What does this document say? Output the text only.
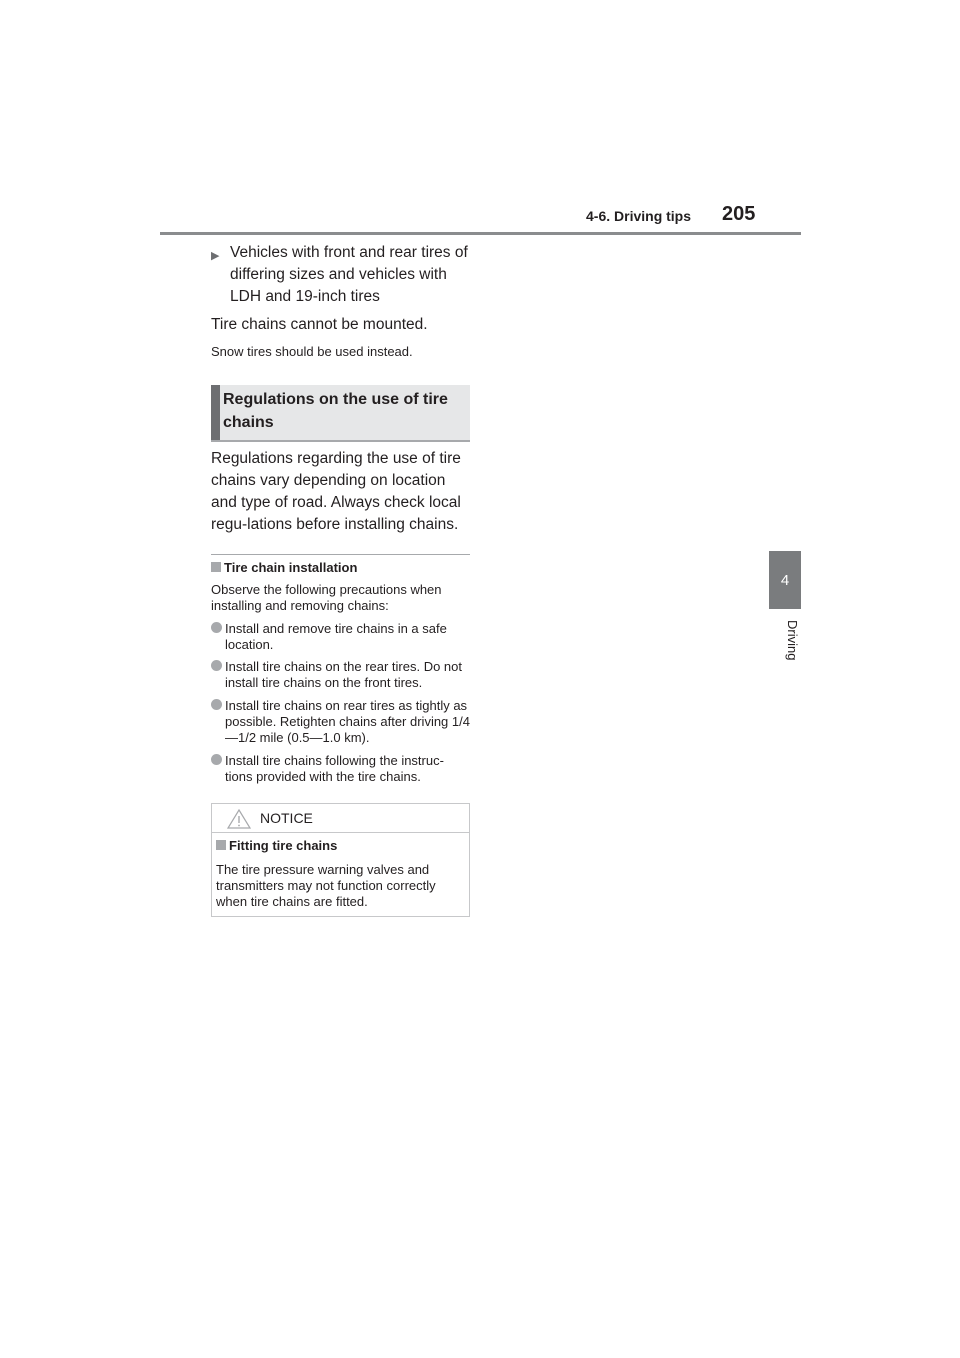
4-6. Driving tips 205
4
Driving
▶ Vehicles with front and rear tires of differing sizes and vehicles with LDH and 19-inch tires

Tire chains cannot be mounted.

Snow tires should be used instead.

Regulations on the use of tire chains

Regulations regarding the use of tire chains vary depending on location and type of road. Always check local regu-lations before installing chains.

Tire chain installation

Observe the following precautions when installing and removing chains:

Install and remove tire chains in a safe location.
Install tire chains on the rear tires. Do not install tire chains on the front tires.
Install tire chains on rear tires as tightly as possible. Retighten chains after driving 1/4—1/2 mile (0.5—1.0 km).
Install tire chains following the instruc-tions provided with the tire chains.
NOTICE
Fitting tire chains

The tire pressure warning valves and transmitters may not function correctly when tire chains are fitted.
